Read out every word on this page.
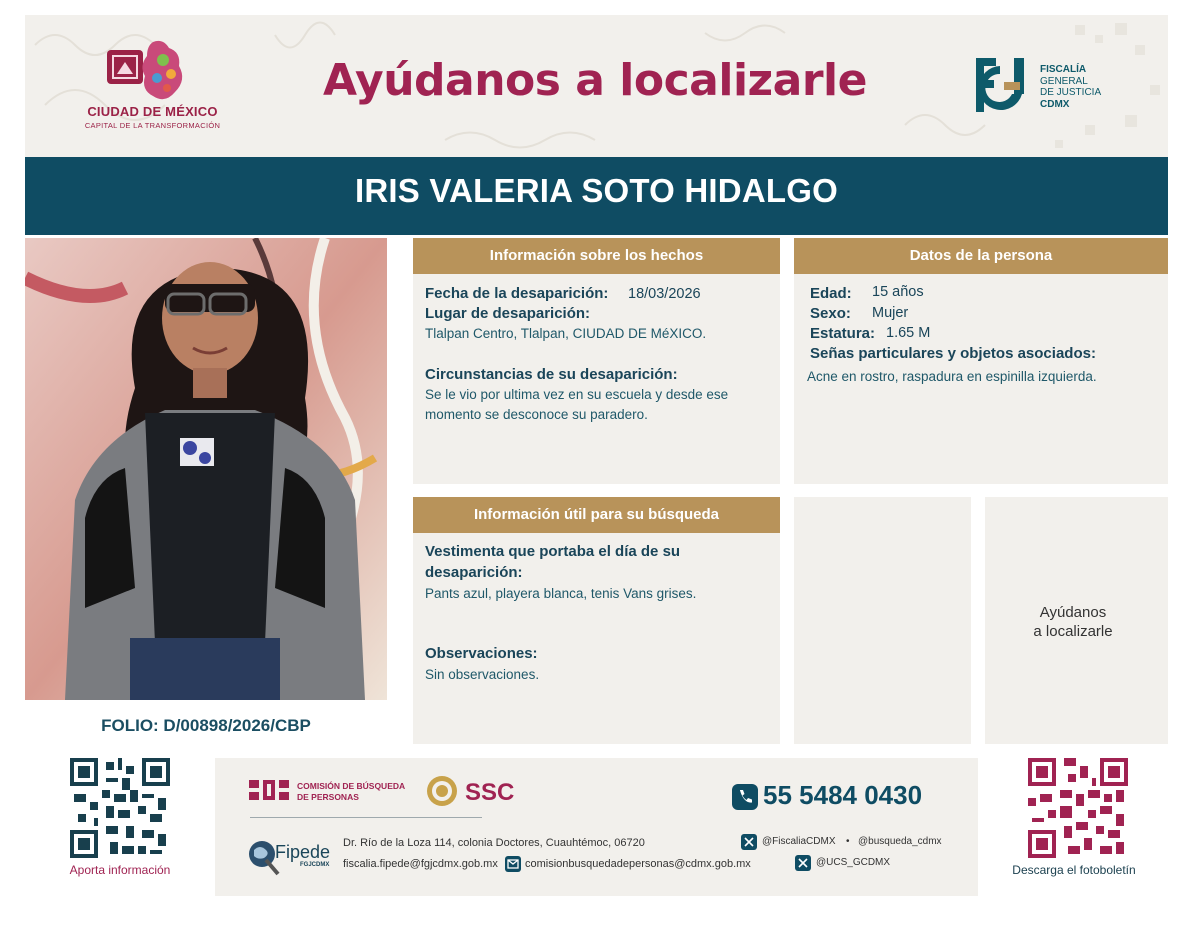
CIUDAD DE MÉXICO
CAPITAL DE LA TRANSFORMACIÓN
Ayúdanos a localizarle	FISCALÍA
GENERAL
DE JUSTICIA
CDMX
IRIS VALERIA SOTO HIDALGO
FOLIO: D/00898/2026/CBP
Información sobre los hechos
Fecha de la desaparición: 18/03/2026
Lugar de desaparición:
Tlalpan Centro, Tlalpan, CIUDAD DE MéXICO.
Circunstancias de su desaparición:
Se le vio por ultima vez en su escuela y desde ese
momento se desconoce su paradero.
Datos de la persona
Edad: 15 años
Sexo: Mujer
Estatura: 1.65 M
Señas particulares y objetos asociados:
Acne en rostro, raspadura en espinilla izquierda.
Información útil para su búsqueda
Vestimenta que portaba el día de su
desaparición:
Pants azul, playera blanca, tenis Vans grises.
Observaciones:
Sin observaciones.
Ayúdanos
a localizarle
Aporta información
COMISIÓN DE BÚSQUEDA
DE PERSONAS	SSC	55 5484 0430
Fipede
FGJCDMX
Dr. Río de la Loza 114, colonia Doctores, Cuauhtémoc, 06720
fiscalia.fipede@fgjcdmx.gob.mx comisionbusquedadepersonas@cdmx.gob.mx
@FiscaliaCDMX • @busqueda_cdmx
@UCS_GCDMX
Descarga el fotoboletín
